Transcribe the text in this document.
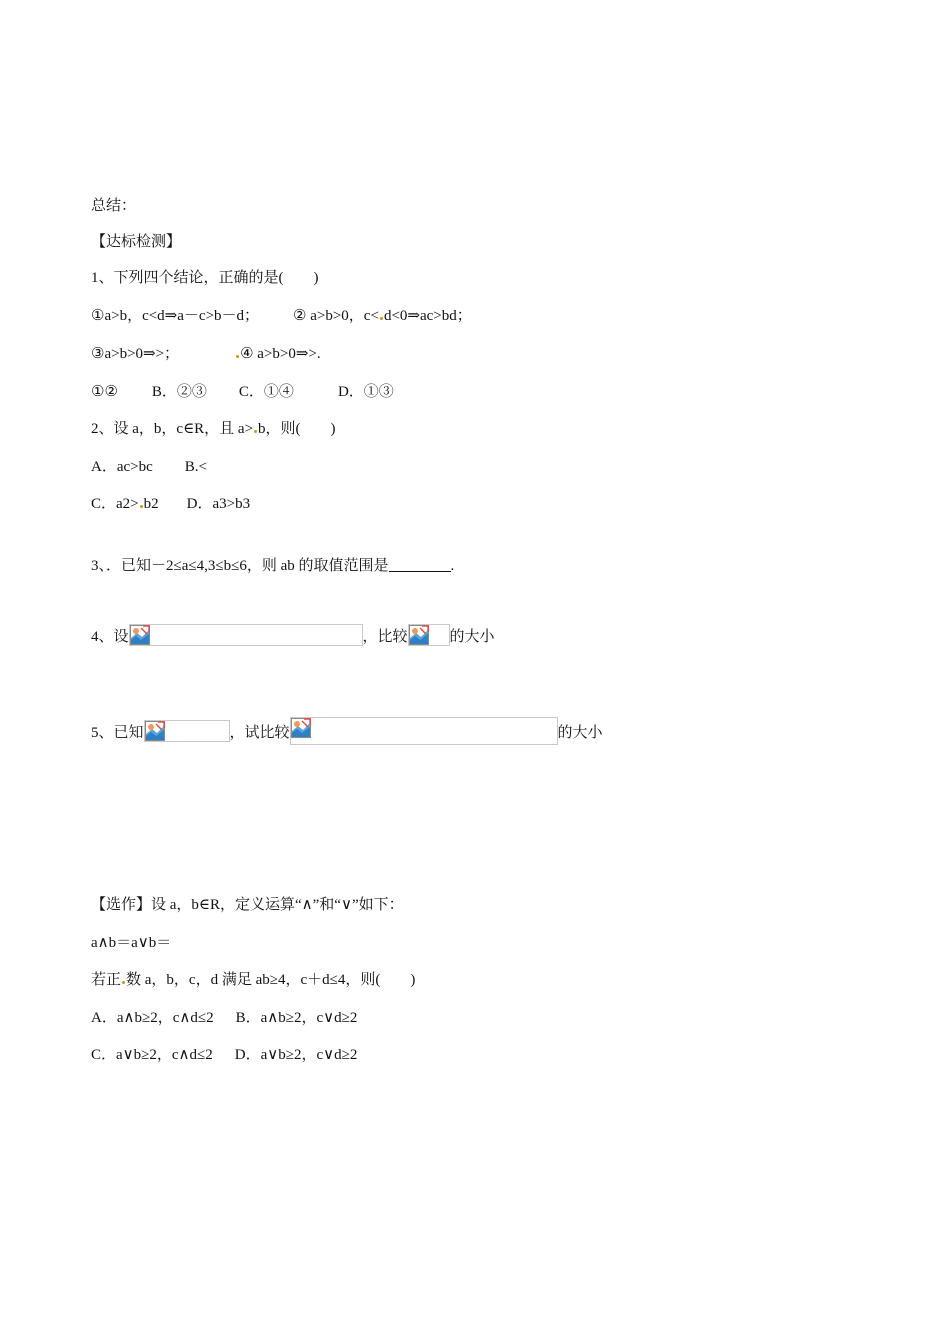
总结：
【达标检测】
1、下列四个结论，正确的是(　　)
①a>b，c<d⇒a－c>b－d； ② a>b>0，c< d<0⇒ac>bd；
③a>b>0⇒>；	④ a>b>0⇒>.
①② B．②③ C．①④	D．①③
2、设 a，b，c∈R，且 a> b，则(　　)
A．ac>bc B.<
C．a2> b2 D．a3>b3
3、．已知－2≤a≤4,3≤b≤6，则 ab 的取值范围是	.
4、设	，比较	的大小
5、已知	，试比较	的大小
【选作】设 a，b∈R，定义运算“∧”和“∨”如下：
a∧b＝a∨b＝
若正 数 a，b，c，d 满足 ab≥4，c＋d≤4，则(　　)
A．a∧b≥2，c∧d≤2 B．a∧b≥2，c∨d≥2
C．a∨b≥2，c∧d≤2 D．a∨b≥2，c∨d≥2
